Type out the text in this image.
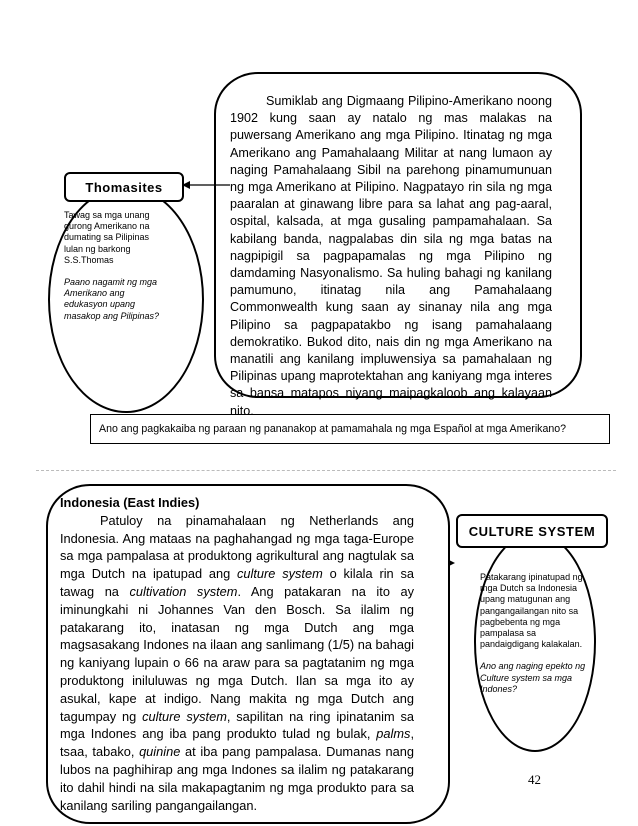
Sumiklab ang Digmaang Pilipino-Amerikano noong 1902 kung saan ay natalo ng mas malakas na puwersang Amerikano ang mga Pilipino. Itinatag ng mga Amerikano ang Pamahalaang Militar at nang lumaon ay naging Pamahalaang Sibil na parehong pinamumunuan ng mga Amerikano at Pilipino. Nagpatayo rin sila ng mga paaralan at ginawang libre para sa lahat ang pag-aaral, ospital, kalsada, at mga gusaling pampamahalaan. Sa kabilang banda, nagpalabas din sila ng mga batas na nagpipigil sa pagpapamalas ng mga Pilipino ng damdaming Nasyonalismo. Sa huling bahagi ng kanilang pamumuno, itinatag nila ang Pamahalaang Commonwealth kung saan ay sinanay nila ang mga Pilipino sa pagpapatakbo ng isang pamahalaang demokratiko. Bukod dito, nais din ng mga Amerikano na manatili ang kanilang impluwensiya sa pamahalaan ng Pilipinas upang maprotektahan ang kaniyang mga interes sa bansa matapos niyang maipagkaloob ang kalayaan nito.

Thomasites

Tawag sa mga unang gurong Amerikano na dumating sa Pilipinas lulan ng barkong S.S.Thomas

Paano nagamit ng mga Amerikano ang edukasyon upang masakop ang Pilipinas?

Ano ang pagkakaiba ng paraan ng pananakop at pamamahala ng mga Español at mga Amerikano?
Indonesia (East Indies)

Patuloy na pinamahalaan ng Netherlands ang Indonesia. Ang mataas na paghahangad ng mga taga-Europe sa mga pampalasa at produktong agrikultural ang nagtulak sa mga Dutch na ipatupad ang culture system o kilala rin sa tawag na cultivation system. Ang patakaran na ito ay iminungkahi ni Johannes Van den Bosch. Sa ilalim ng patakarang ito, inatasan ng mga Dutch ang mga magsasakang Indones na ilaan ang sanlimang (1/5) na bahagi ng kaniyang lupain o 66 na araw para sa pagtatanim ng mga produktong iniluluwas ng mga Dutch. Ilan sa mga ito ay asukal, kape at indigo. Nang makita ng mga Dutch ang tagumpay ng culture system, sapilitan na ring ipinatanim sa mga Indones ang iba pang produkto tulad ng bulak, palms, tsaa, tabako, quinine at iba pang pampalasa. Dumanas nang lubos na paghihirap ang mga Indones sa ilalim ng patakarang ito dahil hindi na sila makapagtanim ng mga produkto para sa kanilang sariling pangangailangan.

CULTURE SYSTEM

Patakarang ipinatupad ng mga Dutch sa Indonesia upang matugunan ang pangangailangan nito sa pagbebenta ng mga pampalasa sa pandaigdigang kalakalan.

Ano ang naging epekto ng Culture system sa mga Indones?

42
